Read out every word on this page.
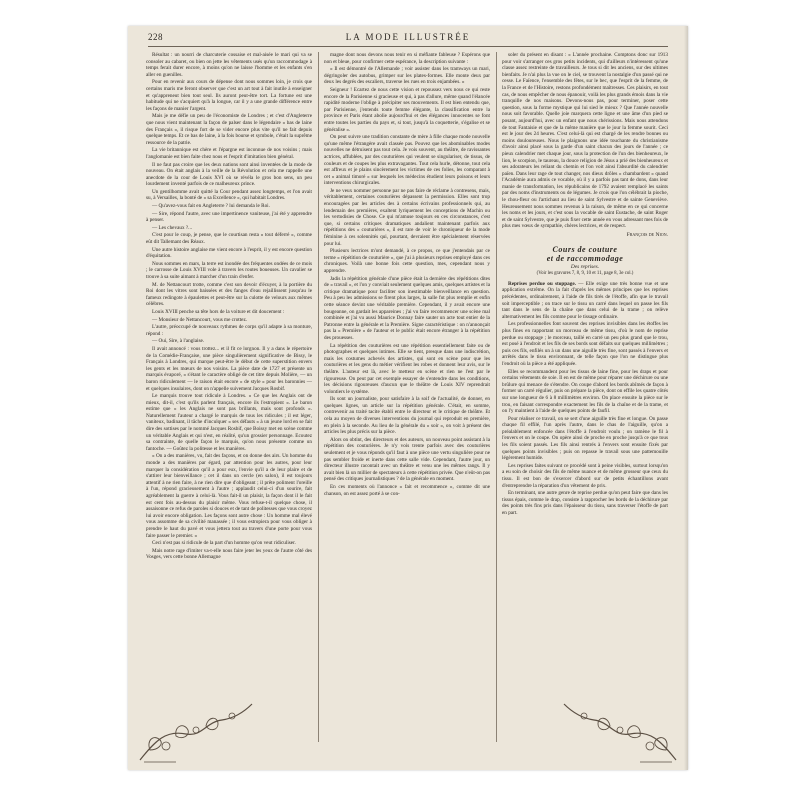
228	LA MODE ILLUSTRÉE

Résultat : un nourri de charcuterie cossaise et mal-aisée le mari qui va se consoler au cabaret, ou bien on jette les vêtements usés qu'un raccommodage à temps ferait durer encore, à moins qu'on ne laisse l'homme et les enfants s'en aller en guenilles.

Pour en revenir aux cours de dépense dont nous sommes loin, je crois que certains maris me feront observer que c'est un art tout à fait inutile à enseigner et qu'appreneut bien tout seul. Ils auront peut-être tort. La fortune est une habitude qui ne s'acquiert qu'à la longue, car il y a une grande différence entre les façons de manier l'argent.

Mais je me défie un peu de l'économiste de Londres ; et c'est d'Angleterre que nous vient maintenant la façon de palser dans le légendaire « bas de laine des Français », il risque fort de se vider encore plus vite qu'il ne fait depuis quelque temps. Et ce bas de laine, à la fois bourse et symbole, c'était la suprême ressource de la patrie.

La vie britannique est chère et l'épargne est inconnue de nos voisins ; mais l'anglomanie est bien faite chez nous et l'esprit d'imitation bien général.

Il ne faut pas croire que les deux nations sont ainsi inventées de la mode de nouveau. On était anglais à la veille de la Révolution et cela me rappelle une anecdote de la cour de Louis XVI où se révéla le gros bon sens, un peu lourdement inventé parfois de ce malheureux prince.

Un gentilhomme avait quitté la Cour pendant assez longtemps, et l'on avait su, à Versailles, la bonté de « sa Excellence », qui habitait Londres.

— Qu'avez-vous fait en Angleterre ? lui demanda le Roi.

— Sire, répond l'autre, avec une impertinence vaniteuse, j'ai été y apprendre à penser.

— Les chevaux ?...

C'est pour le coup, je pense, que le courtisan resta « tout déferré », comme eût dit Tallemant des Réaux.

Une autre histoire anglaise me vient encore à l'esprit, il y est encore question d'équitation.

Nous sommes en mars, la terre est inondée des fréquentes ondées de ce mois ; le carrosse de Louis XVIII vole à travers les routes boueuses. Un cavalier se trouve à sa suite aimant à marcher d'un train d'enfer.

M. de Nettancourt trotte, comme c'est son devoir d'écuyer, à la portière du Roi dont les vitres sont baissées et des fanges d'eau rejaillissent jusqu'au le fameux redingote à épaulettes et peut-être sur la culotte de velours aux mêmes célèbres.

Louis XVIII penche sa tête hors de la voiture et dit doucement :

— Monsieur de Nettancourt, vous me crottez.

L'autre, préoccupé de nouveaux rythmes de corps qu'il adapte à sa monture, répond :

— Oui, Sire, à l'anglaise.

Il avait annoncé : vous trottez... et il fit ce lorgnon. Il y a dans le répertoire de la Comédie-Française, une pièce singulièrement significative de Bissy, le Français à Londres, qui marque peut-être le début de cette superstition envers les gents et les mœurs de nos voisins. La pièce date de 1727 et présente un marquis évaporé, « s'étant le caractère obligé de cet titre depuis Molière, — un baron ridiculement — le raison était encore « de style » pour les baronnies — et quelques insulaires, dont on n'appelle suivement Jacques Rosbif.

Le marquis trouve tout ridicule à Londres. « Ce que les Anglais ont de mieux, dit-il, c'est qu'ils parlent français, encore ils l'estropient ». Le baron estime que « les Anglais ne sont pas brillants, mais sont profonds ». Naturellement l'auteur a chargé le marquis de tous les ridicules ; il est léger, vaniteux, badinant, il tâche d'inculquer « ses défauts » à un jeune lord en se fait dire des sottises par le nommé Jacques Rosbif, que Boissy met en scène comme un véritable Anglais et qui n'est, en réalité, qu'un grossier personnage. Ecoutez sa contrainte, de quelle façon le marquis, qu'on nous présente comme un fantoche. — Goûtez la politesse et les manières.

« On a des manières, vu, fait des façons, et on donne des airs. Un homme du monde a des manières par égard, par attention pour les autres, pour leur marquer la considération qu'il a pour eux, l'envie qu'il a de leur plaire et de s'attirer leur bienveillance ; cet il dans un cercle (en salon), il est toujours attentif à ne rien faire, à ne rien dire que d'obligeant ; il prête poliment l'oreille à l'un, répond gracieusement à l'autre ; applaudit celui-ci d'un sourire, fait agréablement la guerre à celui-là. Vous fait-il un plaisir, la façon dont il le fait est cent fois au-dessus du plaisir même. Vous refuse-t-il quelque chose, il assaisonne ce refus de paroles si douces et de tant de politesses que vous croyez lui avoir encore obligation. Les façons sont autre chose : Un homme mal élevé vous assomme de sa civilité manassée ; il vous estropiera pour vous obliger à prendre le haut du pavé et vous jettera tout au travers d'une porte pour vous faire passer le premier. »

Ceci n'est pas si ridicule de la part d'un homme qu'on veut ridiculiser.

Mais notre rage d'imiter va-t-elle nous faire jeter les yeux de l'autre côté des Vosges, vers cette bonne Allemagne

magne dont nous devons nous tenir en si méfiante fableuse ? Espérons que non et bleue, pour confirmer cette espérance, la description suivante :

« Il est démontré de l'Allemande ; voir assister dans les tramways un mari, dégringoler des autobus, grimper sur les plates-formes. Elle monte deux par deux les degrés des escaliers, traverse les rues en trois enjambées. »

Seigneur ! Ecartez de nous cette vision et repoussez vers nous ce qui reste encore de la Parisienne si gracieuse et qui, à pas d'allure, même quand l'élancée rapidité moderne l'oblige à précipiter ses mouvements. Il est bien entendu que, par Parisienne, j'entends toute femme élégante, la classification entre la province et Paris étant abolie aujourd'hui et des élégances innocentes se font entre toutes les parties du pays et, si tout, jusqu'à la coquetterie, s'égalise et se généralise ».

On peut suivre une tradition constante de mère à fille chaque mode nouvelle qu'une même l'étrangère avait classée pas. Pouvez que les abominables modes nouvelles ne détruisent pas tout cela. Je vois souvent, au théâtre, de ravissantes actrices, affublées, par des couturières qui veulent se singulariser, de tissus, de couleurs et de coupes les plus extravagantes. Tout cela hurle, détonne, tout cela est affreux et je plains sincèrement les victimes de ces folies, les comparant à cet « animal timoré » sur lesquels les médecins étudient leurs poisons et leurs interventions chirurgicales.

Je ne veux nommer personne par ne pas faire de réclame à contresens, mais, véritablement, certaines couturières dépassent la permission. Elles sont trop encouragées par les articles des à certains écrivains professionnels qui, au lendemain des premières, exaltent lyriquement les conceptions de Machin ou les vertodisies de Chose. Ce qui m'amuse toujours en ces circonstances, c'est que, si certains critiques dramatiques andalient maintenant parfois aux répétitions des « couturières », il est rare de voir le chroniqueur de la mode féminine à ces solennités qui, pourtant, devraient être spécialement réservées pour lui.

Plusieurs lectrices m'ont demandé, à ce propos, ce que j'entendais par ce terme « répétition de couturière », que j'ai à plusieurs reprises employé dans ces chroniques. Voilà une bonne fois cette question, mes, cependant nous y apprendre.

Jadis la répétition générale d'une pièce était la dernière des répétitions dites de « travail », et l'on y conviait seulement quelques amis, quelques artistes et la critique dramatique pour faciliter son inestimable bienveillance en question. Peu à peu les admissions se firent plus larges, la salle fut plus remplie et enfin cette séance devint une véritable première. Cependant, il y avait encore une bougeanne, on gardait les appareines ; j'ai vu faire recommencer une scène mal combinée et j'ai vu aussi Maurice Donnay faire sauter un acte tout entier de la Patronne entre la générale et la Première. Signe caractéristique : on n'annonçait pas la « Première » de l'auteur et le public était encore étranger à la répétition des prouesses.

La répétition des couturières est une répétition essentiellement faite ou de photographes et quelques intimes. Elle se tient, presque dans une indiscrétion, mais les costumes achevés des artistes, qui sont en scène pour que les couturières et les gens du métier vérifient les robes et donnent leur avis, sur le théâtre. L'auteur est là, avec le metteur en scène et rien ne l'est par le rigoureuse. On peut par cet exemple essayer de s'entendre dans les conditions, les décisions rigoureuses d'aucun que le théâtre de Louis XIV reprendrait volontiers le système.

Ils sont un journaliste, pour satisfaire à la soif de l'actualité, de donner, en quelques lignes, un article sur la répétition générale. C'était, en somme, contrevenir au traité tacite établi entre le directeur et le critique de théâtre. Et cela au moyen de diverses interventions du journal qui reproduit en première, en plein à la seconde. Au lieu de la générale du « soir », on voit à présent des articles les plus précis sur la pièce.

Alors on obtint, des directeurs et des auteurs, un nouveau point assistant à la répétition des couturières. Je n'y vois trente parfois avec des couturières seulement et je vous réponds qu'il faut à une pièce une vertu singulière pour ne pas sembler froide et inerte dans cette salle vide. Cependant, l'autre jour, un directeur illustre racontait avec un théâtre et venu une les mêmes rangs. Il y avait bien là un millier de spectateurs à cette répétition privée. Que n'eût-on pas pensé des critiques journalistiques ? de la générale en moment.

En ces moments où l'annonce « fait et recommence », comme dit une chanson, on est assez porté à se con-

soler du présent en disant : « L'année prochaine. Comptons donc sur 1913 pour voir s'arranger ces gros petits incidents, qui d'ailleurs n'intéressent qu'une classe assez restreinte de travailleurs. Je tous si dit les anciens, sur des ultimes bienfaits. Je n'ai plus la vue on le ciel, se trouvent la nostalgie d'un passé qui ne cesse. Le Faïence, l'ensemble des fêtes, sur le bec, que l'esprit de la femme, de la France et de l'Histoire, restons profondément maîtresses. Ces plaisirs, en tout cas, de nous empêcher de nous épanouir, voilà les plus grands émois dans la vie tranquille de nos maisons. Devons-nous pas, pour terminer, poser cette question, sous la forme mystique qui lui sied le mieux ? Que l'année nouvelle nous soit favorable. Quelle joie marquera cette ligne et une âme d'un pied se posant, aujourd'hui, avec un enfant que nous chérissions. Mais nous attendons de tout Fantaisie et que de la même manière que le jour la femme sourit. Ceci est le jour des 24 heures. C'est celui-là qui est chargé de les rendre bonnes ou moins douloureuses. Nous le plaignons une idée touchante du christianisme d'avoir ainsi placé sous la garde d'un saint chacun des jours de l'année ; ce pieux calendrier met chaque jour, sous la protection de l'un des bienheureux, le lion, le scorpion, le taureau, la douce religion de Jésus a prié des bienheureux et ses adorateurs les reliant du chemin et l'on voit ainsi l'absurdité du calendrier païen. Dans leur rage de tout changer, nos dieux drôles « chambardent » quand l'Académie aura admis ce vocable, où il y a parfois pas tant de dons, dans leur manie de transformation, les républicains de 1792 avaient remplacé les saints par des noms d'instruments ou de légumes. Je crois que l'on célébrait la pioche, le chou-fleur ou l'artichaut au lieu de saint Sylvestre et de sainte Geneviève. Heureusement nous sommes revenus à la raison, de même en ce qui concerne les noms et les jours, et c'est sous la vocable de saint Eustache, de saint Roger et de saint Sylvestre, que je puis fixer cette année en vous adressant mes fois de plus mes vœux de sympathie, chères lectrices, et de respect.

François de Nion.
Cours de couture
et de raccommodage
Des reprises.
(Voir les gravures 7, 8, 9, 10 et 11, page 8, 3e col.)

Reprises perdue ou stoppage. — Elle exige une très bonne vue et une application extrême. On la fait d'après les mêmes principes que les reprises précédentes, ordinairement, à l'aide de fils tirés de l'étoffe, afin que le travail soit imperceptible ; on trace sur le tissu un carré dans lequel on passe les fils tant dans le sens de la chaîne que dans celui de la trame ; on relève alternativement les fils comme pour le tissage ordinaire.

Les professionnelles font souvent des reprises invisibles dans les étoffes les plus fines en rapportant un morceau de même tissu, d'où le nom de reprise perdue ou stoppage ; le morceau, taillé en carré un peu plus grand que le trou, est posé à l'endroit et les fils de ses bords sont défaits sur quelques millimètres ; puis ces fils, enfilés un à un dans une aiguille très fine, sont passés à l'envers et arrêtés dans le tissu environnant, de telle façon que l'on ne distingue plus l'endroit où la pièce a été appliquée.

Elles se recommandent pour les tissus de laine fine, pour les draps et pour certains vêtements de soie. Il en est de même pour réparer une déchirure ou une brûlure qui menace de s'étendre. On coupe d'abord les bords abîmés de façon à former un carré régulier, puis on prépare la pièce, dont on effile les quatre côtés sur une longueur de 6 à 8 millimètres environ. On place ensuite la pièce sur le trou, en faisant correspondre exactement les fils de la chaîne et de la trame, et on l'y maintient à l'aide de quelques points de faufil.

Pour réaliser ce travail, on se sert d'une aiguille très fine et longue. On passe chaque fil effilé, l'un après l'autre, dans le chas de l'aiguille, qu'on a préalablement enfoncée dans l'étoffe à l'endroit voulu ; on ramène le fil à l'envers et on le coupe. On opère ainsi de proche en proche jusqu'à ce que tous les fils soient passés. Les fils ainsi rentrés à l'envers sont ensuite fixés par quelques points invisibles ; puis on repasse le travail sous une pattemouille légèrement humide.

Les reprises faites suivant ce procédé sont à peine visibles, surtout lorsqu'on a eu soin de choisir des fils de même nuance et de même grosseur que ceux du tissu. Il est bon de s'exercer d'abord sur de petits échantillons avant d'entreprendre la réparation d'un vêtement de prix.

En terminant, une autre genre de reprise perdue qu'on peut faire que dans les tissus épais, comme le drap, consiste à rapprocher les bords de la déchirure par des points très fins pris dans l'épaisseur du tissu, sans traverser l'étoffe de part en part.
